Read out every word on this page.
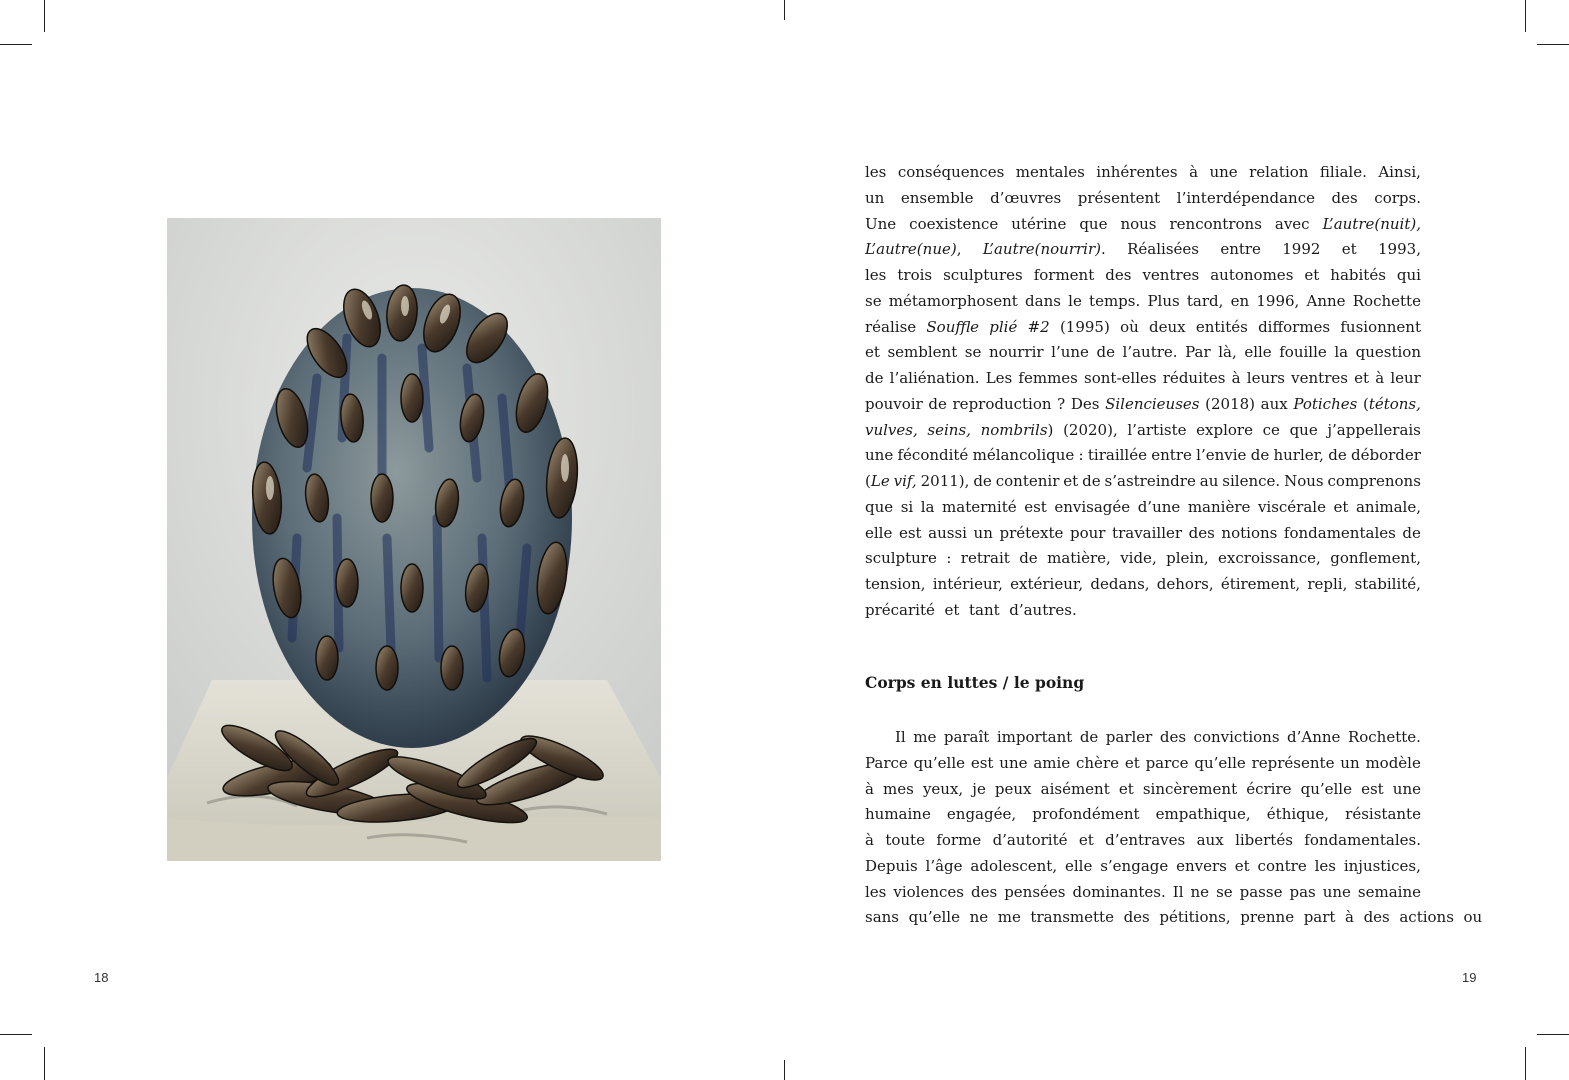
18	19
les conséquences mentales inhérentes à une relation filiale. Ainsi,
un ensemble d’œuvres présentent l’interdépendance des corps.
Une coexistence utérine que nous rencontrons avec L’autre(nuit),
L’autre(nue), L’autre(nourrir). Réalisées entre 1992 et 1993,
les trois sculptures forment des ventres autonomes et habités qui
se métamorphosent dans le temps. Plus tard, en 1996, Anne Rochette
réalise Souffle plié #2 (1995) où deux entités difformes fusionnent
et semblent se nourrir l’une de l’autre. Par là, elle fouille la question
de l’aliénation. Les femmes sont-elles réduites à leurs ventres et à leur
pouvoir de reproduction ? Des Silencieuses (2018) aux Potiches (tétons,
vulves, seins, nombrils) (2020), l’artiste explore ce que j’appellerais
une fécondité mélancolique : tiraillée entre l’envie de hurler, de déborder
(Le vif, 2011), de contenir et de s’astreindre au silence. Nous comprenons
que si la maternité est envisagée d’une manière viscérale et animale,
elle est aussi un prétexte pour travailler des notions fondamentales de
sculpture : retrait de matière, vide, plein, excroissance, gonflement,
tension, intérieur, extérieur, dedans, dehors, étirement, repli, stabilité,
précarité et tant d’autres.
Corps en luttes / le poing
Il me paraît important de parler des convictions d’Anne Rochette.
Parce qu’elle est une amie chère et parce qu’elle représente un modèle
à mes yeux, je peux aisément et sincèrement écrire qu’elle est une
humaine engagée, profondément empathique, éthique, résistante
à toute forme d’autorité et d’entraves aux libertés fondamentales.
Depuis l’âge adolescent, elle s’engage envers et contre les injustices,
les violences des pensées dominantes. Il ne se passe pas une semaine
sans qu’elle ne me transmette des pétitions, prenne part à des actions ou
